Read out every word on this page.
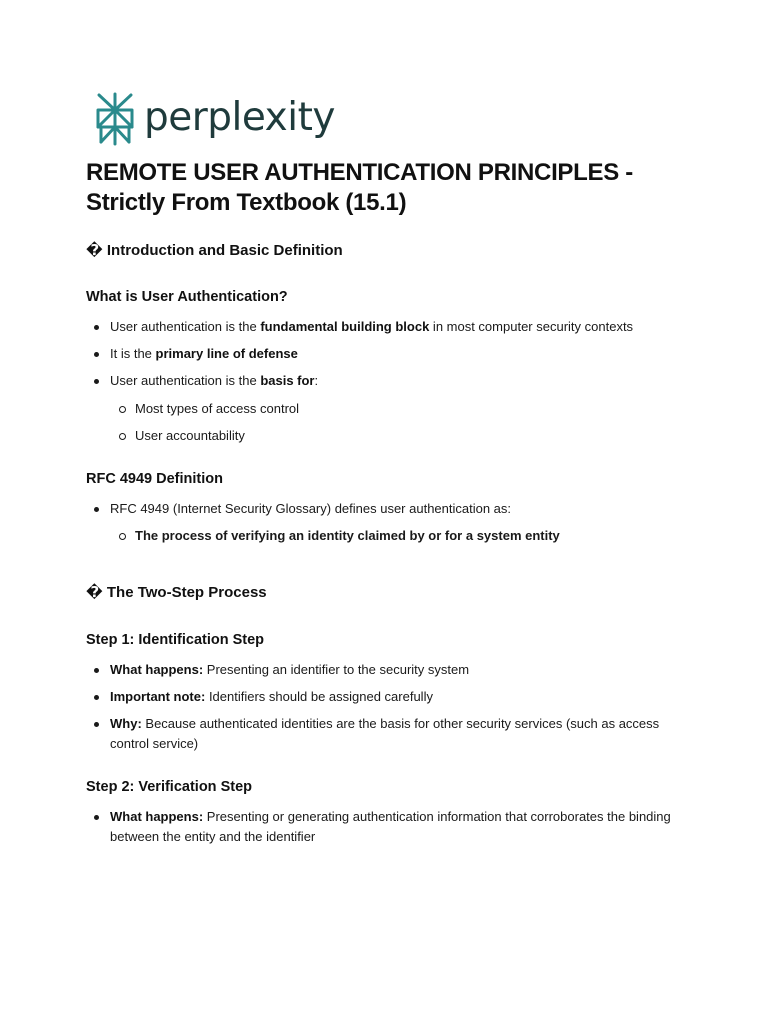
perplexity
REMOTE USER AUTHENTICATION PRINCIPLES - Strictly From Textbook (15.1)
� Introduction and Basic Definition
What is User Authentication?
User authentication is the fundamental building block in most computer security contexts
It is the primary line of defense
User authentication is the basis for:
Most types of access control
User accountability
RFC 4949 Definition
RFC 4949 (Internet Security Glossary) defines user authentication as:
The process of verifying an identity claimed by or for a system entity
� The Two-Step Process
Step 1: Identification Step
What happens: Presenting an identifier to the security system
Important note: Identifiers should be assigned carefully
Why: Because authenticated identities are the basis for other security services (such as access control service)
Step 2: Verification Step
What happens: Presenting or generating authentication information that corroborates the binding between the entity and the identifier
